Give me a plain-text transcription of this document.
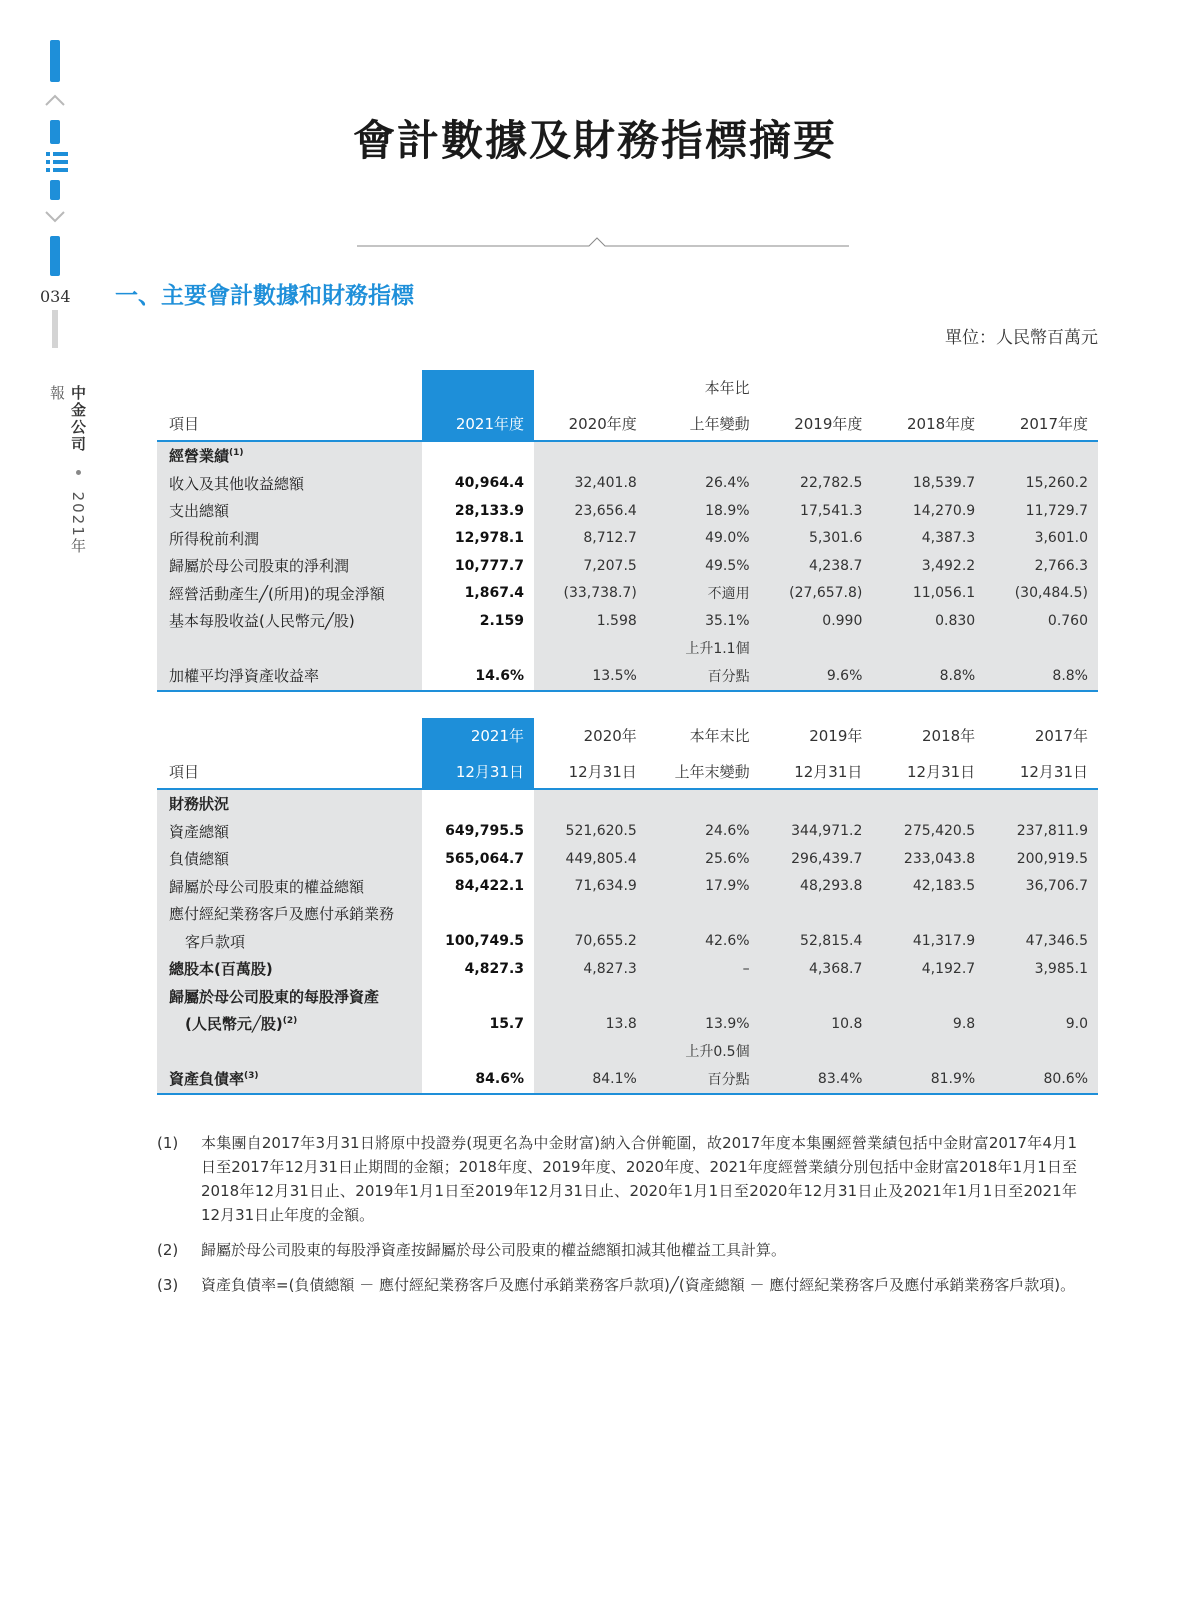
034
中金公司  2021年報
會計數據及財務指標摘要
一、主要會計數據和財務指標
單位：人民幣百萬元
	2021年度		本年比			
項目		2020年度	上年變動	2019年度	2018年度	2017年度
經營業績$^{(1)}$						
收入及其他收益總額	40,964.4	32,401.8	26.4%	22,782.5	18,539.7	15,260.2
支出總額	28,133.9	23,656.4	18.9%	17,541.3	14,270.9	11,729.7
所得稅前利潤	12,978.1	8,712.7	49.0%	5,301.6	4,387.3	3,601.0
歸屬於母公司股東的淨利潤	10,777.7	7,207.5	49.5%	4,238.7	3,492.2	2,766.3
經營活動產生╱(所用)的現金淨額	1,867.4	(33,738.7)	不適用	(27,657.8)	11,056.1	(30,484.5)
基本每股收益(人民幣元╱股)	2.159	1.598	35.1%	0.990	0.830	0.760
			上升1.1個			
加權平均淨資產收益率	14.6%	13.5%	百分點	9.6%	8.8%	8.8%
	2021年	2020年	本年末比	2019年	2018年	2017年
項目	12月31日	12月31日	上年末變動	12月31日	12月31日	12月31日
財務狀況						
資產總額	649,795.5	521,620.5	24.6%	344,971.2	275,420.5	237,811.9
負債總額	565,064.7	449,805.4	25.6%	296,439.7	233,043.8	200,919.5
歸屬於母公司股東的權益總額	84,422.1	71,634.9	17.9%	48,293.8	42,183.5	36,706.7
應付經紀業務客戶及應付承銷業務						
客戶款項	100,749.5	70,655.2	42.6%	52,815.4	41,317.9	47,346.5
總股本(百萬股)	4,827.3	4,827.3	–	4,368.7	4,192.7	3,985.1
歸屬於母公司股東的每股淨資產						
(人民幣元╱股)$^{(2)}$	15.7	13.8	13.9%	10.8	9.8	9.0
			上升0.5個			
資產負債率$^{(3)}$	84.6%	84.1%	百分點	83.4%	81.9%	80.6%
(1)	本集團自2017年3月31日將原中投證券(現更名為中金財富)納入合併範圍，故2017年度本集團經營業績包括中金財富2017年4月1日至2017年12月31日止期間的金額；2018年度、2019年度、2020年度、2021年度經營業績分別包括中金財富2018年1月1日至2018年12月31日止、2019年1月1日至2019年12月31日止、2020年1月1日至2020年12月31日止及2021年1月1日至2021年12月31日止年度的金額。
(2)	歸屬於母公司股東的每股淨資產按歸屬於母公司股東的權益總額扣減其他權益工具計算。
(3)	資產負債率=(負債總額 － 應付經紀業務客戶及應付承銷業務客戶款項)╱(資產總額 － 應付經紀業務客戶及應付承銷業務客戶款項)。
